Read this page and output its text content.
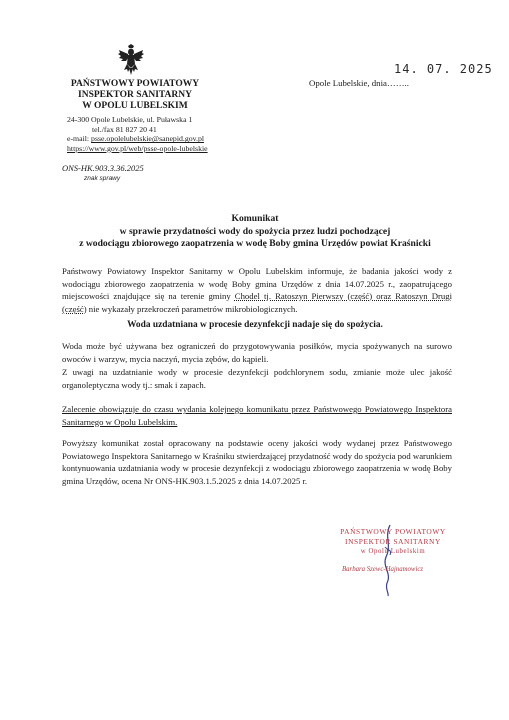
PAŃSTWOWY POWIATOWY
INSPEKTOR SANITARNY
W OPOLU LUBELSKIM
24-300 Opole Lubelskie, ul. Puławska 1
tel./fax 81 827 20 41
e-mail: psse.opolelubelskie@sanepid.gov.pl
https://www.gov.pl/web/psse-opole-lubelskie
ONS-HK.903.3.36.2025
znak sprawy
14. 07. 2025
Opole Lubelskie, dnia……..
Komunikat
w sprawie przydatności wody do spożycia przez ludzi pochodzącej
z wodociągu zbiorowego zaopatrzenia w wodę Boby gmina Urzędów powiat Kraśnicki
Państwowy Powiatowy Inspektor Sanitarny w Opolu Lubelskim informuje, że badania jakości wody z wodociągu zbiorowego zaopatrzenia w wodę Boby gmina Urzędów z dnia 14.07.2025 r., zaopatrującego miejscowości znajdujące się na terenie gminy Chodel tj. Ratoszyn Pierwszy (część) oraz Ratoszyn Drugi (część) nie wykazały przekroczeń parametrów mikrobiologicznych.
Woda uzdatniana w procesie dezynfekcji nadaje się do spożycia.
Woda może być używana bez ograniczeń do przygotowywania posiłków, mycia spożywanych na surowo owoców i warzyw, mycia naczyń, mycia zębów, do kąpieli.
Z uwagi na uzdatnianie wody w procesie dezynfekcji podchlorynem sodu, zmianie może ulec jakość organoleptyczna wody tj.: smak i zapach.
Zalecenie obowiązuje do czasu wydania kolejnego komunikatu przez Państwowego Powiatowego Inspektora Sanitarnego w Opolu Lubelskim.
Powyższy komunikat został opracowany na podstawie oceny jakości wody wydanej przez Państwowego Powiatowego Inspektora Sanitarnego w Kraśniku stwierdzającej przydatność wody do spożycia pod warunkiem kontynuowania uzdatniania wody w procesie dezynfekcji z wodociągu zbiorowego zaopatrzenia w wodę Boby gmina Urzędów, ocena Nr ONS-HK.903.1.5.2025 z dnia 14.07.2025 r.
PAŃSTWOWY POWIATOWY
INSPEKTOR SANITARNY
w Opolu Lubelskim
Barbara Szewc-Hajnamowicz
